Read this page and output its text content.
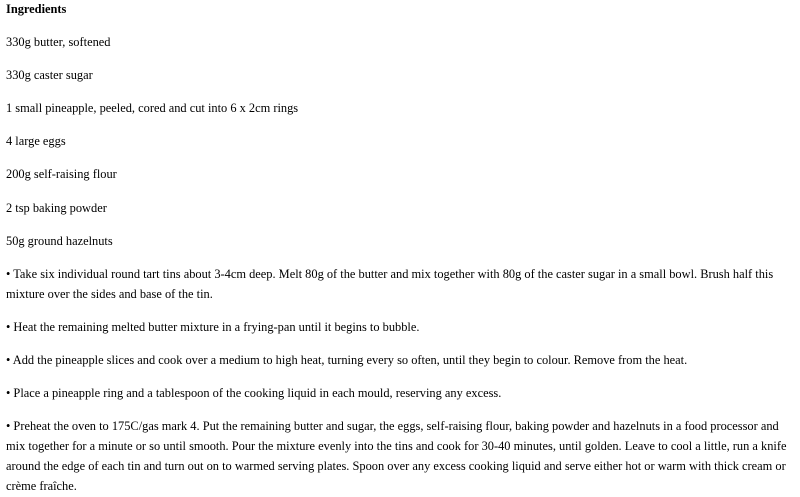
Ingredients
330g butter, softened
330g caster sugar
1 small pineapple, peeled, cored and cut into 6 x 2cm rings
4 large eggs
200g self-raising flour
2 tsp baking powder
50g ground hazelnuts
• Take six individual round tart tins about 3-4cm deep. Melt 80g of the butter and mix together with 80g of the caster sugar in a small bowl. Brush half this mixture over the sides and base of the tin.
• Heat the remaining melted butter mixture in a frying-pan until it begins to bubble.
• Add the pineapple slices and cook over a medium to high heat, turning every so often, until they begin to colour. Remove from the heat.
• Place a pineapple ring and a tablespoon of the cooking liquid in each mould, reserving any excess.
• Preheat the oven to 175C/gas mark 4. Put the remaining butter and sugar, the eggs, self-raising flour, baking powder and hazelnuts in a food processor and mix together for a minute or so until smooth. Pour the mixture evenly into the tins and cook for 30-40 minutes, until golden. Leave to cool a little, run a knife around the edge of each tin and turn out on to warmed serving plates. Spoon over any excess cooking liquid and serve either hot or warm with thick cream or crème fraîche.
